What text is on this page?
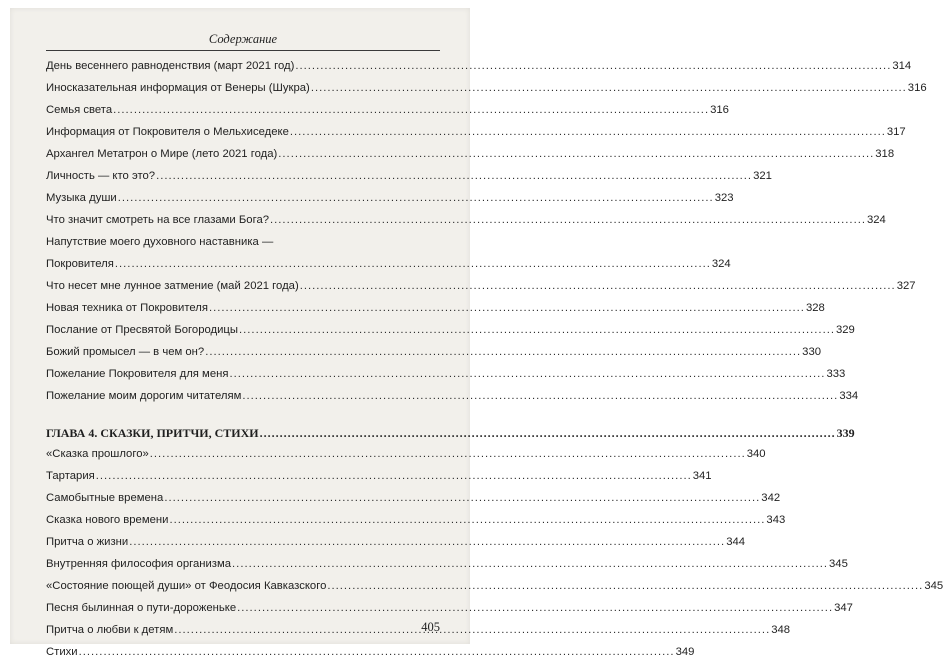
Содержание
День весеннего равноденствия (март 2021 год) .....	314
Иносказательная информация от Венеры (Шукра) .....	316
Семья света .....	316
Информация от Покровителя о Мельхиседеке .....	317
Архангел Метатрон о Мире (лето 2021 года) .....	318
Личность — кто это? .....	321
Музыка души .....	323
Что значит смотреть на все глазами Бога? .....	324
Напутствие моего духовного наставника —
Покровителя .....	324
Что несет мне лунное затмение (май 2021 года) .....	327
Новая техника от Покровителя .....	328
Послание от Пресвятой Богородицы .....	329
Божий промысел — в чем он? .....	330
Пожелание Покровителя для меня .....	333
Пожелание моим дорогим читателям .....	334
ГЛАВА 4. СКАЗКИ, ПРИТЧИ, СТИХИ .....	339
«Сказка прошлого» .....	340
Тартария .....	341
Самобытные времена .....	342
Сказка нового времени .....	343
Притча о жизни .....	344
Внутренняя философия организма .....	345
«Состояние поющей души» от Феодосия Кавказского .....	345
Песня былинная о пути-дороженьке .....	347
Притча о любви к детям .....	348
Стихи .....	349
405
